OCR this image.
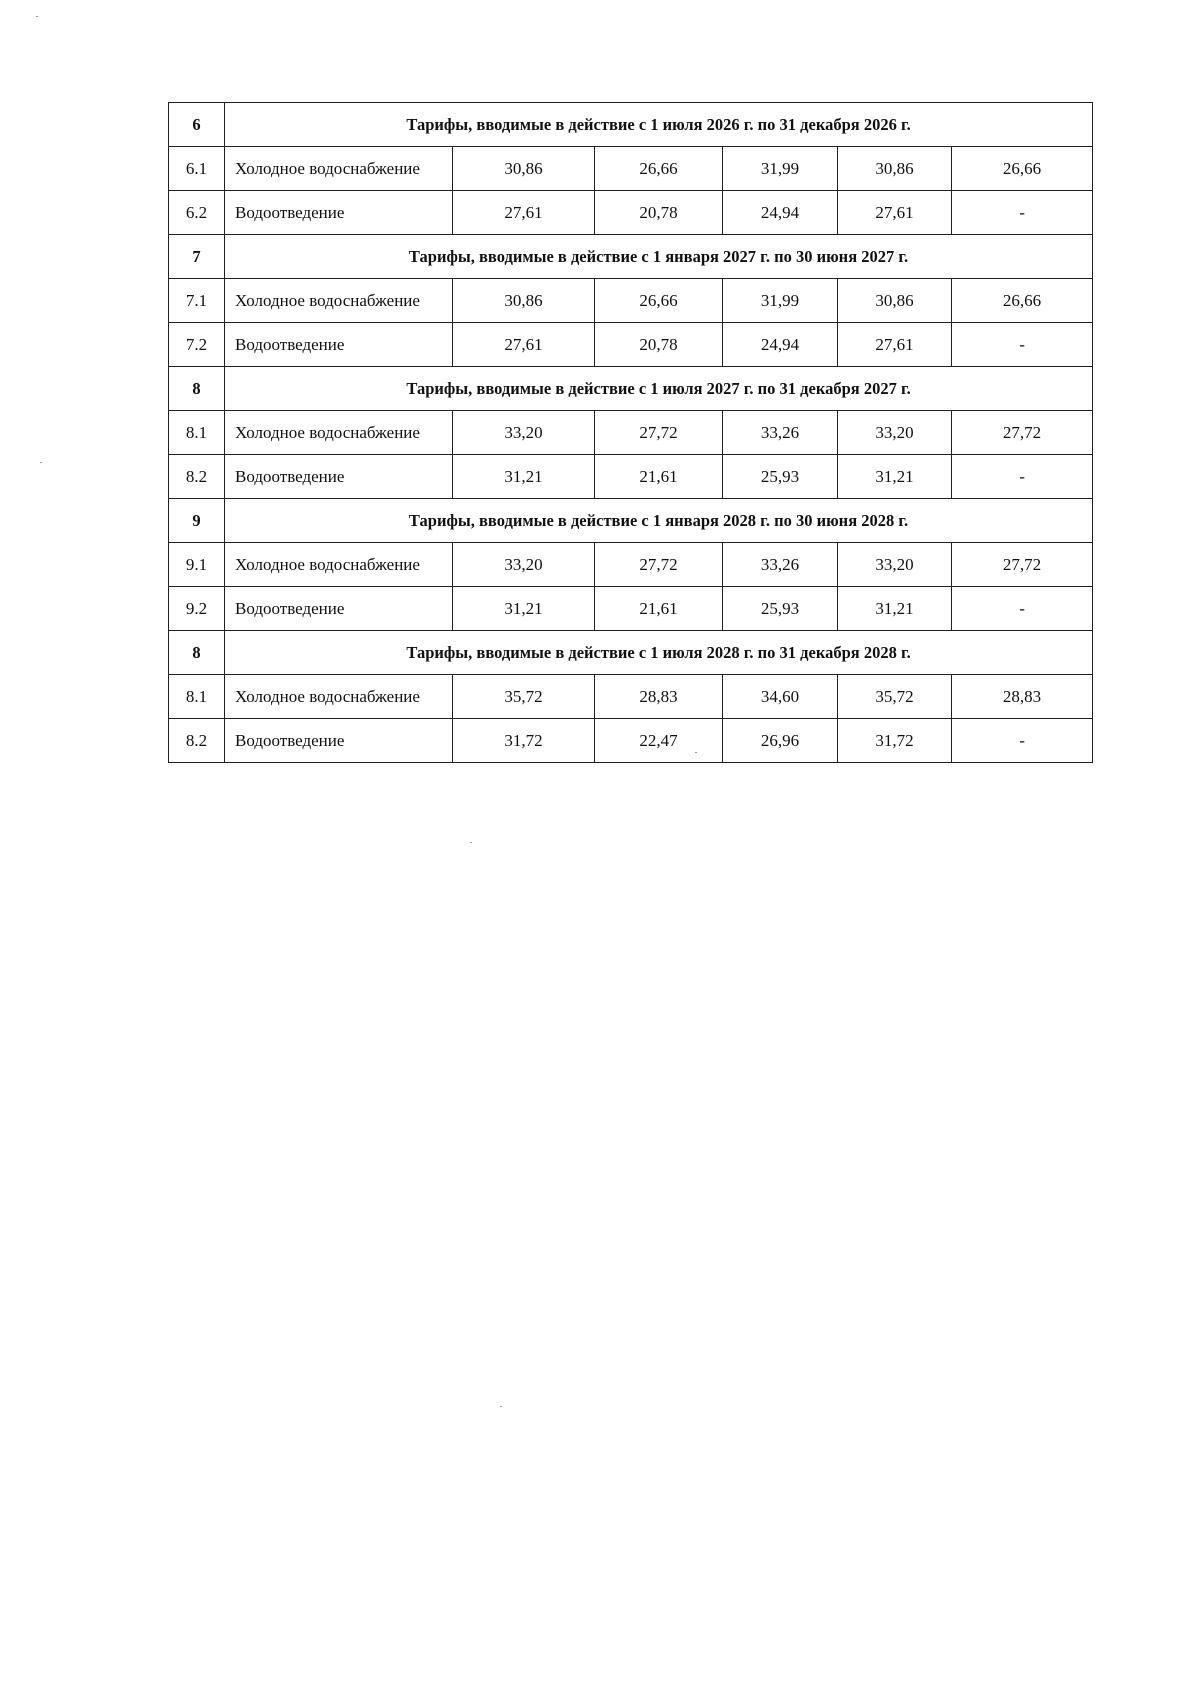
6	Тарифы, вводимые в действие с 1 июля 2026 г. по 31 декабря 2026 г.					
6.1	Холодное водоснабжение	30,86	26,66	31,99	30,86	26,66
6.2	Водоотведение	27,61	20,78	24,94	27,61	-
7	Тарифы, вводимые в действие с 1 января 2027 г. по 30 июня 2027 г.					
7.1	Холодное водоснабжение	30,86	26,66	31,99	30,86	26,66
7.2	Водоотведение	27,61	20,78	24,94	27,61	-
8	Тарифы, вводимые в действие с 1 июля 2027 г. по 31 декабря 2027 г.					
8.1	Холодное водоснабжение	33,20	27,72	33,26	33,20	27,72
8.2	Водоотведение	31,21	21,61	25,93	31,21	-
9	Тарифы, вводимые в действие с 1 января 2028 г. по 30 июня 2028 г.					
9.1	Холодное водоснабжение	33,20	27,72	33,26	33,20	27,72
9.2	Водоотведение	31,21	21,61	25,93	31,21	-
8	Тарифы, вводимые в действие с 1 июля 2028 г. по 31 декабря 2028 г.					
8.1	Холодное водоснабжение	35,72	28,83	34,60	35,72	28,83
8.2	Водоотведение	31,72	22,47	26,96	31,72	-
